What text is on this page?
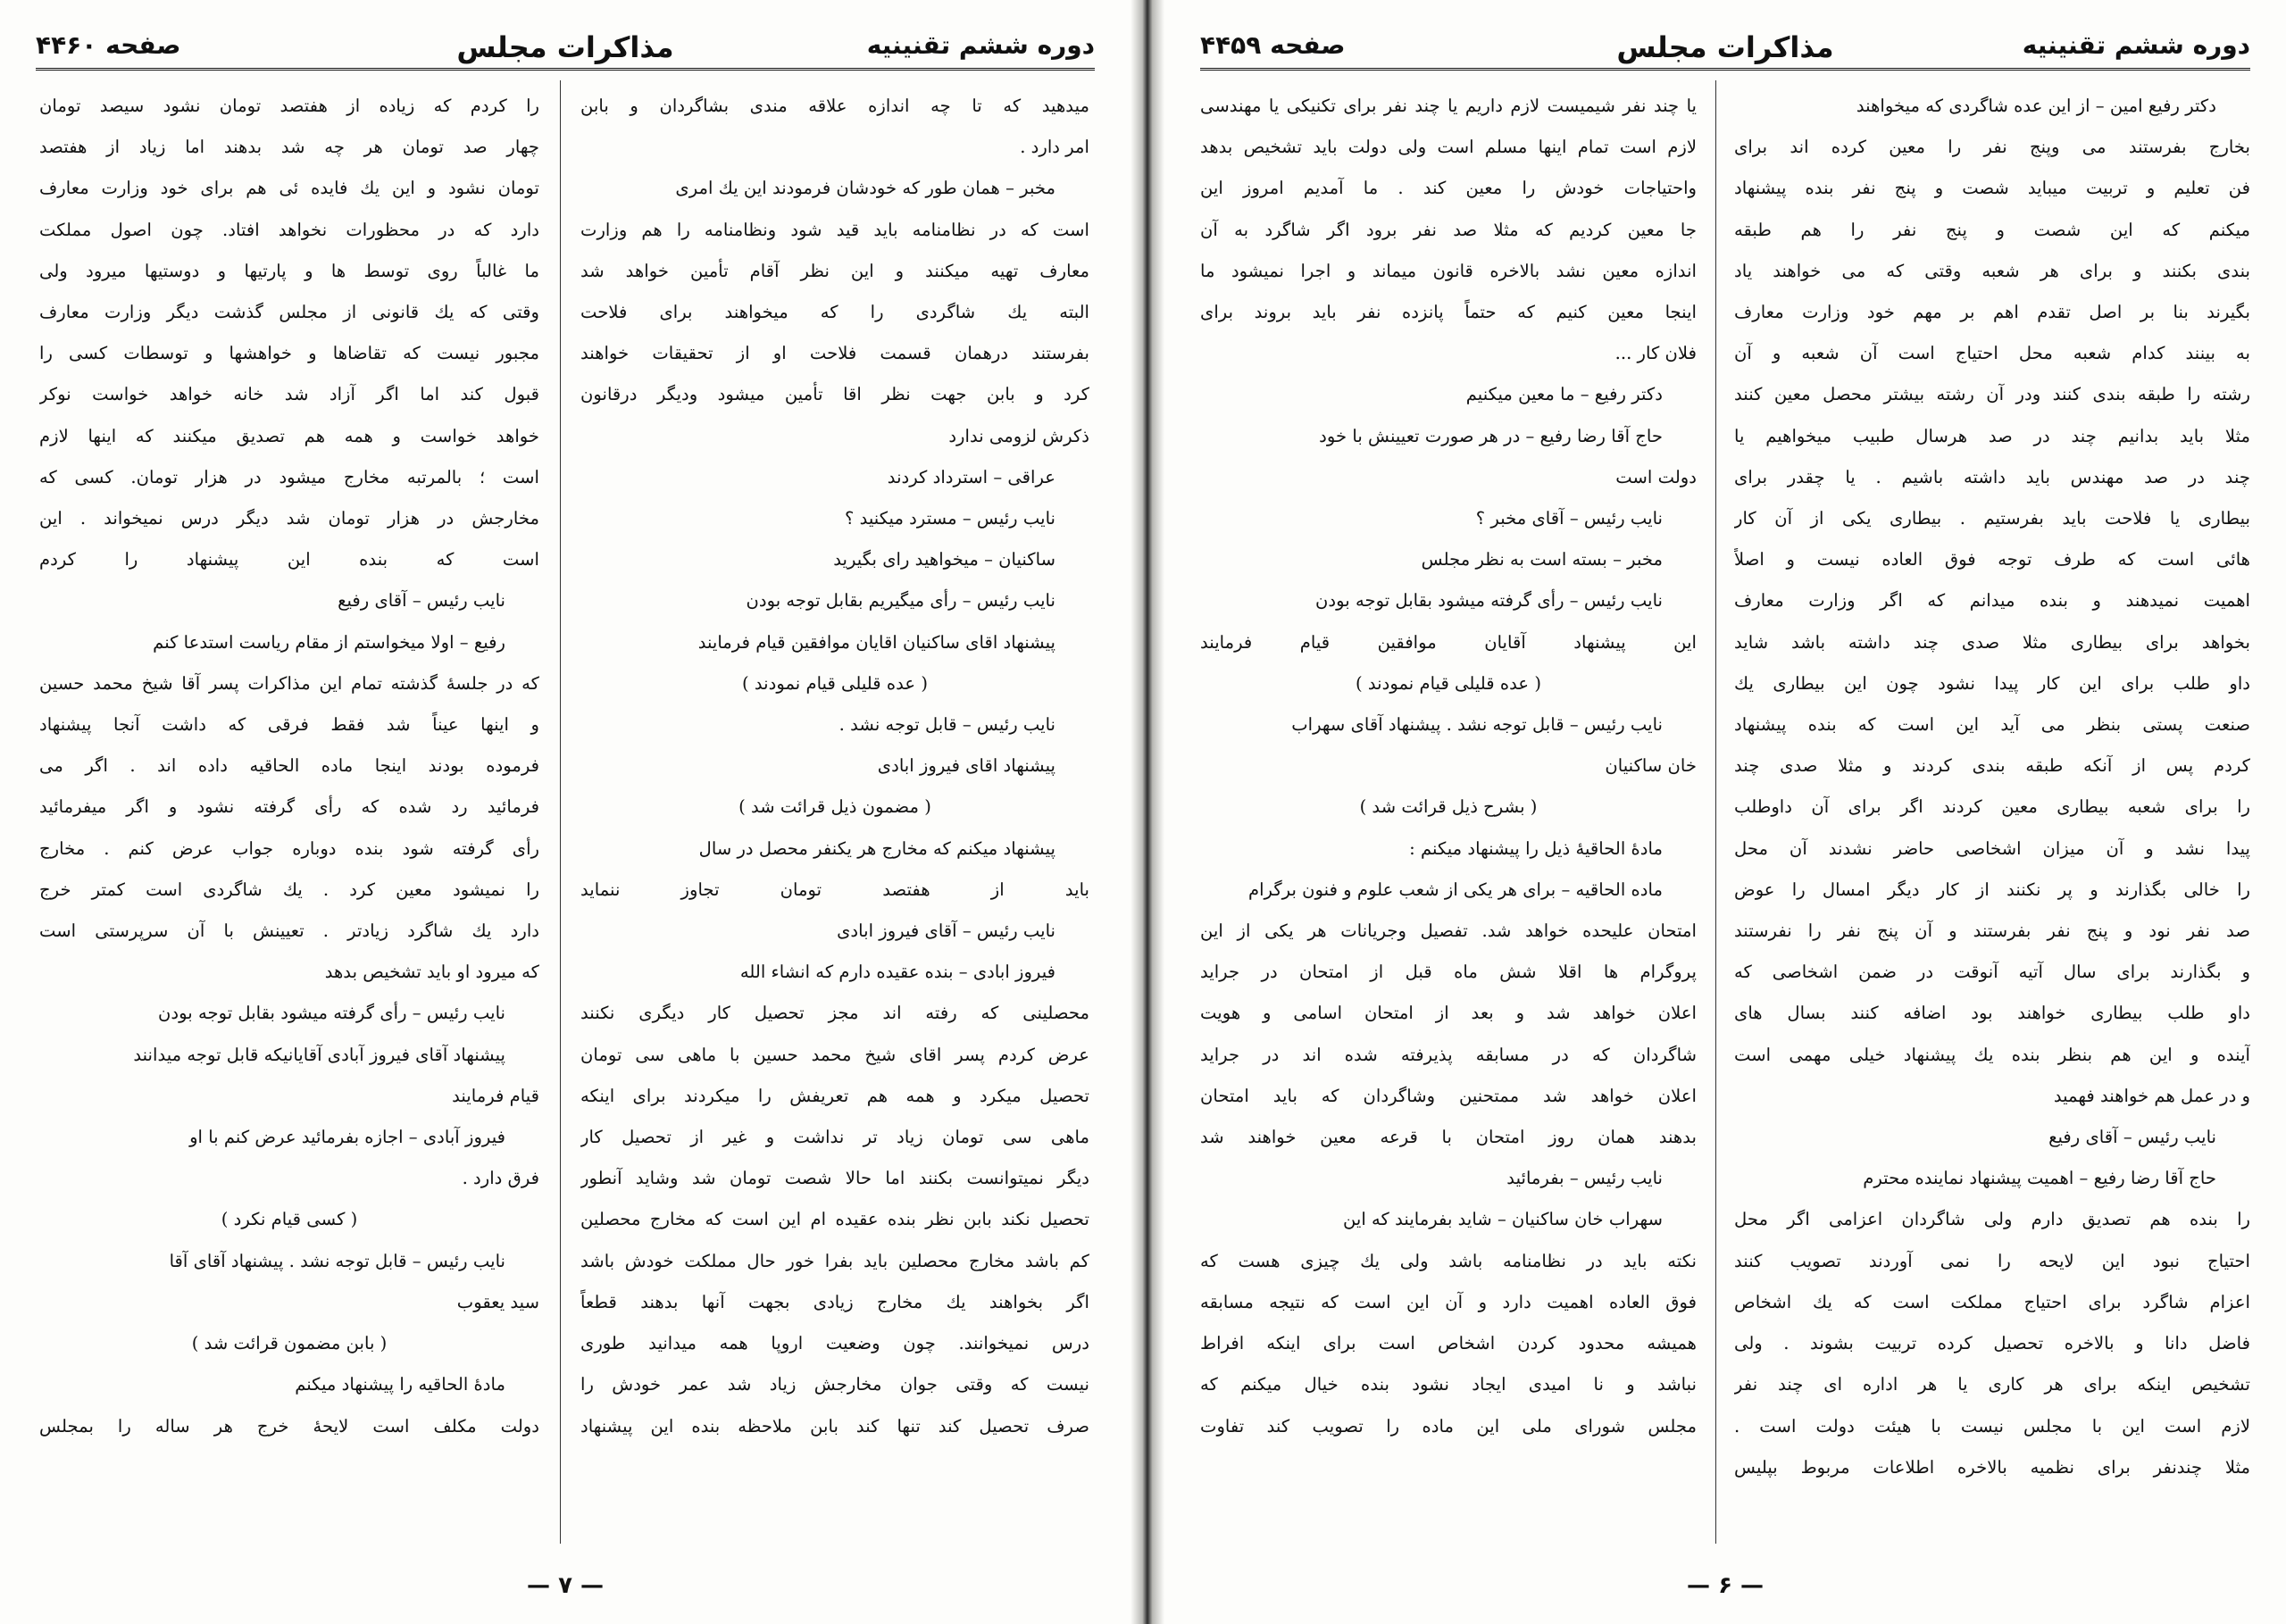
دوره ششم تقنینیه
مذاکرات مجلس
صفحه ۴۴۶۰
میدهید که تا چه اندازه علاقه مندی بشاگردان و بابن
امر دارد .
مخبر – همان طور که خودشان فرمودند این یك امری
است که در نظامنامه باید قید شود ونظامنامه را هم وزارت
معارف تهیه میکنند و این نظر آقام تأمین خواهد شد
البته یك شاگردی را که میخواهند برای فلاحت
بفرستند درهمان قسمت فلاحت او از تحقیقات خواهند
کرد و بابن جهت نظر اقا تأمین میشود ودیگر درقانون
ذکرش لزومی ندارد
عراقی – استرداد کردند
نایب رئیس – مسترد میکنید ؟
ساکنیان – میخواهید رای بگیرید
نایب رئیس – رأی میگیریم بقابل توجه بودن
پیشنهاد اقای ساکنیان اقایان موافقین قیام فرمایند
( عده قلیلی قیام نمودند )
نایب رئیس – قابل توجه نشد .
پیشنهاد اقای فیروز ابادی
( مضمون ذیل قرائت شد )
پیشنهاد میکنم که مخارج هر یکنفر محصل در سال
باید از هفتصد تومان تجاوز ننماید
نایب رئیس – آقای فیروز ابادی
فیروز ابادی – بنده عقیده دارم که انشاء الله
محصلینی که رفته اند مجز تحصیل کار دیگری نکنند
عرض کردم پسر اقای شیخ محمد حسین با ماهی سی تومان
تحصیل میکرد و همه هم تعریفش را میکردند برای اینکه
ماهی سی تومان زیاد تر نداشت و غیر از تحصیل کار
دیگر نمیتوانست بکنند اما حالا شصت تومان شد وشاید آنطور
تحصیل نکند بابن نظر بنده عقیده ام این است که مخارج محصلین
کم باشد مخارج محصلین باید بفرا خور حال مملکت خودش باشد
اگر بخواهند یك مخارج زیادی بجهت آنها بدهند قطعاً
درس نمیخوانند. چون وضعیت اروپا همه میدانید طوری
نیست که وقتی جوان مخارجش زیاد شد عمر خودش را
صرف تحصیل کند تنها کند بابن ملاحظه بنده این پیشنهاد
را کردم که زیاده از هفتصد تومان نشود سیصد تومان
چهار صد تومان هر چه شد بدهند اما زیاد از هفتصد
تومان نشود و این یك فایده ئی هم برای خود وزارت معارف
دارد که در محظورات نخواهد افتاد. چون اصول مملکت
ما غالباً روی توسط ها و پارتیها و دوستیها میرود ولی
وقتی که یك قانونی از مجلس گذشت دیگر وزارت معارف
مجبور نیست که تقاضاها و خواهشها و توسطات کسی را
قبول کند اما اگر آزاد شد خانه خواهد خواست نوکر
خواهد خواست و همه هم تصدیق میکنند که اینها لازم
است ؛ بالمرتبه مخارج میشود در هزار تومان. کسی که
مخارجش در هزار تومان شد دیگر درس نمیخواند . این
است که بنده این پیشنهاد را کردم
نایب رئیس – آقای رفیع
رفیع – اولا میخواستم از مقام ریاست استدعا کنم
که در جلسهٔ گذشته تمام این مذاکرات پسر آقا شیخ محمد حسین
و اینها عیناً شد فقط فرقی که داشت آنجا پیشنهاد
فرموده بودند اینجا ماده الحاقیه داده اند . اگر می
فرمائید رد شده که رأی گرفته نشود و اگر میفرمائید
رأی گرفته شود بنده دوباره جواب عرض کنم . مخارج
را نمیشود معین کرد . یك شاگردی است کمتر خرج
دارد یك شاگرد زیادتر . تعیینش با آن سرپرستی است
که میرود او باید تشخیص بدهد
نایب رئیس – رأی گرفته میشود بقابل توجه بودن
پیشنهاد آقای فیروز آبادی آقایانیکه قابل توجه میدانند
قیام فرمایند
فیروز آبادی – اجازه بفرمائید عرض کنم با او
فرق دارد .
( کسی قیام نکرد )
نایب رئیس – قابل توجه نشد . پیشنهاد آقای آقا
سید یعقوب
( بابن مضمون قرائت شد )
مادهٔ الحاقیه را پیشنهاد میکنم
دولت مکلف است لایحهٔ خرج هر ساله را بمجلس
— ۷ —
دوره ششم تقنینیه
مذاکرات مجلس
صفحه ۴۴۵۹
دکتر رفیع امین – از این عده شاگردی که میخواهند
بخارج بفرستند می وپنج نفر را معین کرده اند برای
فن تعلیم و تربیت میباید شصت و پنج نفر بنده پیشنهاد
میکنم که این شصت و پنج نفر را هم طبقه
بندی بکنند و برای هر شعبه وقتی که می خواهند یاد
بگیرند بنا بر اصل تقدم اهم بر مهم خود وزارت معارف
به بینند کدام شعبه محل احتیاج است آن شعبه و آن
رشته را طبقه بندی کنند ودر آن رشته بیشتر محصل معین کنند
مثلا باید بدانیم چند در صد هرسال طبیب میخواهیم یا
چند در صد مهندس باید داشته باشیم . یا چقدر برای
بیطاری یا فلاحت باید بفرستیم . بیطاری یکی از آن کار
هائی است که طرف توجه فوق العاده نیست و اصلاً
اهمیت نمیدهند و بنده میدانم که اگر وزارت معارف
بخواهد برای بیطاری مثلا صدی چند داشته باشد شاید
داو طلب برای این کار پیدا نشود چون این بیطاری یك
صنعت پستی بنظر می آید این است که بنده پیشنهاد
کردم پس از آنکه طبقه بندی کردند و مثلا صدی چند
را برای شعبه بیطاری معین کردند اگر برای آن داوطلب
پیدا نشد و آن میزان اشخاصی حاضر نشدند آن محل
را خالی بگذارند و پر نکنند از کار دیگر امسال را عوض
صد نفر نود و پنج نفر بفرستند و آن پنج نفر را نفرستند
و بگذارند برای سال آتیه آنوقت در ضمن اشخاصی که
داو طلب بیطاری خواهند بود اضافه کنند بسال های
آینده و این هم بنظر بنده یك پیشنهاد خیلی مهمی است
و در عمل هم خواهند فهمید
نایب رئیس – آقای رفیع
حاج آقا رضا رفیع – اهمیت پیشنهاد نماینده محترم
را بنده هم تصدیق دارم ولی شاگردان اعزامی اگر محل
احتیاج نبود این لایحه را نمی آوردند تصویب کنند
اعزام شاگرد برای احتیاج مملکت است که یك اشخاص
فاضل دانا و بالاخره تحصیل کرده تربیت بشوند . ولی
تشخیص اینکه برای هر کاری یا هر اداره ای چند نفر
لازم است این با مجلس نیست با هیئت دولت است .
مثلا چندنفر برای نظمیه بالاخره اطلاعات مربوط بپلیس
یا چند نفر شیمیست لازم داریم یا چند نفر برای تکنیکی یا مهندسی
لازم است تمام اینها مسلم است ولی دولت باید تشخیص بدهد
واحتیاجات خودش را معین کند . ما آمدیم امروز این
جا معین کردیم که مثلا صد نفر برود اگر شاگرد به آن
اندازه معین نشد بالاخره قانون میماند و اجرا نمیشود ما
اینجا معین کنیم که حتماً پانزده نفر باید بروند برای
فلان کار ...
دکتر رفیع – ما معین میکنیم
حاج آقا رضا رفیع – در هر صورت تعیینش با خود
دولت است
نایب رئیس – آقای مخبر ؟
مخبر – بسته است به نظر مجلس
نایب رئیس – رأی گرفته میشود بقابل توجه بودن
این پیشنهاد آقایان موافقین قیام فرمایند
( عده قلیلی قیام نمودند )
نایب رئیس – قابل توجه نشد . پیشنهاد آقای سهراب
خان ساکنیان
( بشرح ذیل قرائت شد )
مادهٔ الحاقیهٔ ذیل را پیشنهاد میکنم :
ماده الحاقیه – برای هر یکی از شعب علوم و فنون برگرام
امتحان علیحده خواهد شد. تفصیل وجریانات هر یکی از این
پروگرام ها اقلا شش ماه قبل از امتحان در جراید
اعلان خواهد شد و بعد از امتحان اسامی و هویت
شاگردان که در مسابقه پذیرفته شده اند در جراید
اعلان خواهد شد ممتحنین وشاگردان که باید امتحان
بدهند همان روز امتحان با قرعه معین خواهند شد
نایب رئیس – بفرمائید
سهراب خان ساکنیان – شاید بفرمایند که این
نکته باید در نظامنامه باشد ولی یك چیزی هست که
فوق العاده اهمیت دارد و آن این است که نتیجه مسابقه
همیشه محدود کردن اشخاص است برای اینکه افراط
نباشد و نا امیدی ایجاد نشود بنده خیال میکنم که
مجلس شورای ملی این ماده را تصویب کند تفاوت
— ۶ —
